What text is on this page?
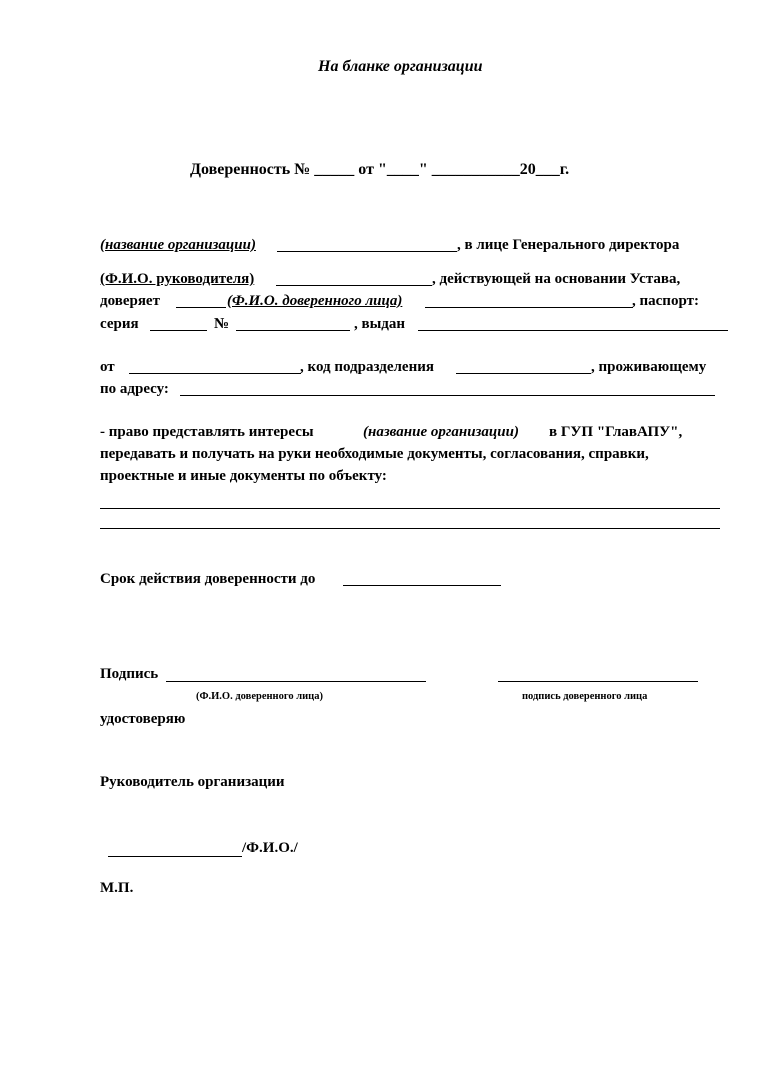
На бланке организации
Доверенность № _____ от "____" ___________20___г.
(название организации)	, в лице Генерального директора
(Ф.И.О. руководителя)	, действующей на основании Устава,
доверяет	(Ф.И.О. доверенного лица)	, паспорт:
серия	№	, выдан
от	, код подразделения	, проживающему
по адресу:
- право представлять интересы	(название организации) в ГУП "ГлавАПУ",
передавать и получать на руки необходимые документы, согласования, справки,
проектные и иные документы по объекту:
Срок действия доверенности до
Подпись
(Ф.И.О. доверенного лица)	подпись доверенного лица
удостоверяю
Руководитель организации
/Ф.И.О./
М.П.
